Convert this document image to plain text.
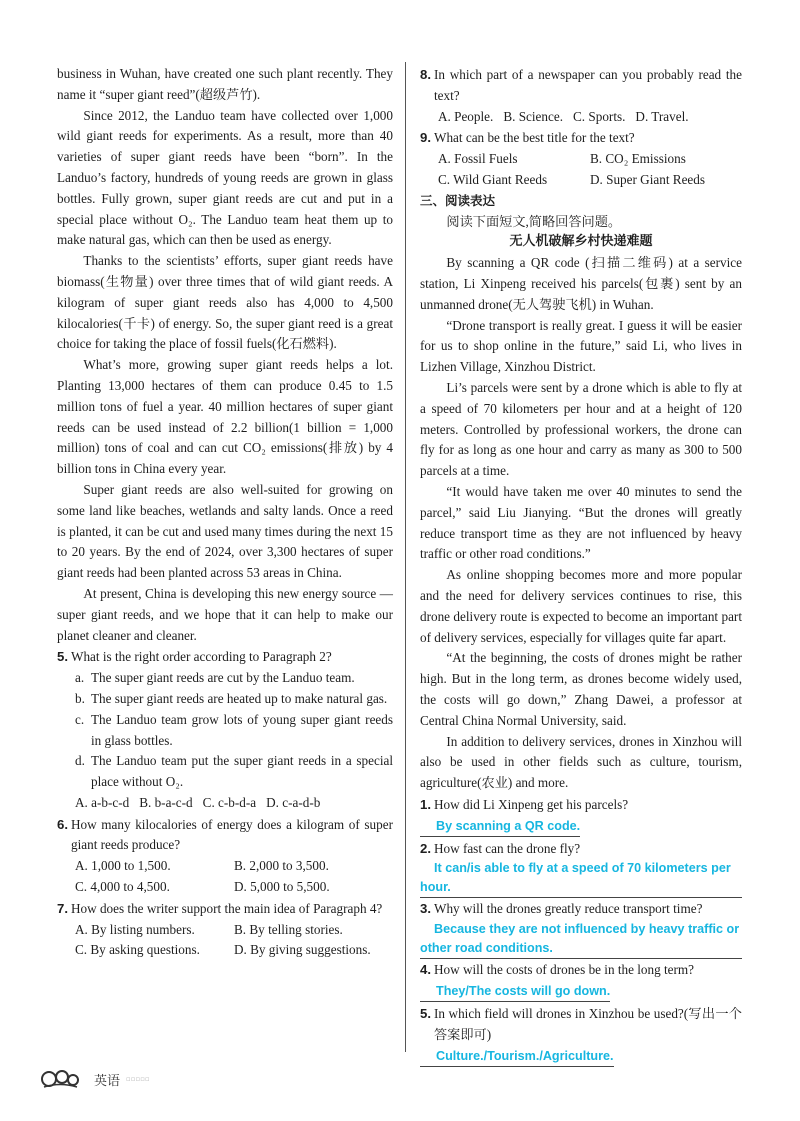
business in Wuhan, have created one such plant recently. They name it “super giant reed”(超级芦竹).

Since 2012, the Landuo team have collected over 1,000 wild giant reeds for experiments. As a result, more than 40 varieties of super giant reeds have been “born”. In the Landuo’s factory, hundreds of young reeds are grown in glass bottles. Fully grown, super giant reeds are cut and put in a special place without O₂. The Landuo team heat them up to make natural gas, which can then be used as energy.

Thanks to the scientists’ efforts, super giant reeds have biomass(生物量) over three times that of wild giant reeds. A kilogram of super giant reeds also has 4,000 to 4,500 kilocalories(千卡) of energy. So, the super giant reed is a great choice for taking the place of fossil fuels(化石燃料).

What’s more, growing super giant reeds helps a lot. Planting 13,000 hectares of them can produce 0.45 to 1.5 million tons of fuel a year. 40 million hectares of super giant reeds can be used instead of 2.2 billion(1 billion = 1,000 million) tons of coal and can cut CO₂ emissions(排放) by 4 billion tons in China every year.

Super giant reeds are also well-suited for growing on some land like beaches, wetlands and salty lands. Once a reed is planted, it can be cut and used many times during the next 15 to 20 years. By the end of 2024, over 3,300 hectares of super giant reeds had been planted across 53 areas in China.

At present, China is developing this new energy source — super giant reeds, and we hope that it can help to make our planet cleaner and cleaner.

5. What is the right order according to Paragraph 2?
a. The super giant reeds are cut by the Landuo team.
b. The super giant reeds are heated up to make natural gas.
c. The Landuo team grow lots of young super giant reeds in glass bottles.
d. The Landuo team put the super giant reeds in a special place without O₂.
A. a-b-c-d B. b-a-c-d C. c-b-d-a D. c-a-d-b
6. How many kilocalories of energy does a kilogram of super giant reeds produce?
A. 1,000 to 1,500.	B. 2,000 to 3,500.
C. 4,000 to 4,500.	D. 5,000 to 5,500.
7. How does the writer support the main idea of Paragraph 4?
A. By listing numbers.	B. By telling stories.
C. By asking questions.	D. By giving suggestions.
8. In which part of a newspaper can you probably read the text?
A. People. B. Science. C. Sports. D. Travel.
9. What can be the best title for the text?
A. Fossil Fuels	B. CO₂ Emissions
C. Wild Giant Reeds	D. Super Giant Reeds
三、阅读表达

阅读下面短文,简略回答问题。

无人机破解乡村快递难题

By scanning a QR code (扫描二维码) at a service station, Li Xinpeng received his parcels(包裹) sent by an unmanned drone(无人驾驶飞机) in Wuhan.

“Drone transport is really great. I guess it will be easier for us to shop online in the future,” said Li, who lives in Lizhen Village, Xinzhou District.

Li’s parcels were sent by a drone which is able to fly at a speed of 70 kilometers per hour and at a height of 120 meters. Controlled by professional workers, the drone can fly for as long as one hour and carry as many as 300 to 500 parcels at a time.

“It would have taken me over 40 minutes to send the parcel,” said Liu Jianying. “But the drones will greatly reduce transport time as they are not influenced by heavy traffic or other road conditions.”

As online shopping becomes more and more popular and the need for delivery services continues to rise, this drone delivery route is expected to become an important part of delivery services, especially for villages quite far apart.

“At the beginning, the costs of drones might be rather high. But in the long term, as drones become widely used, the costs will go down,” Zhang Dawei, a professor at Central China Normal University, said.

In addition to delivery services, drones in Xinzhou will also be used in other fields such as culture, tourism, agriculture(农业) and more.

1. How did Li Xinpeng get his parcels?
By scanning a QR code.
2. How fast can the drone fly?
It can/is able to fly at a speed of 70 kilometers per hour.
3. Why will the drones greatly reduce transport time?
Because they are not influenced by heavy traffic or other road conditions.
4. How will the costs of drones be in the long term?
They/The costs will go down.
5. In which field will drones in Xinzhou be used?(写出一个答案即可)
Culture./Tourism./Agriculture.
英语 ▫▫▫▫▫
